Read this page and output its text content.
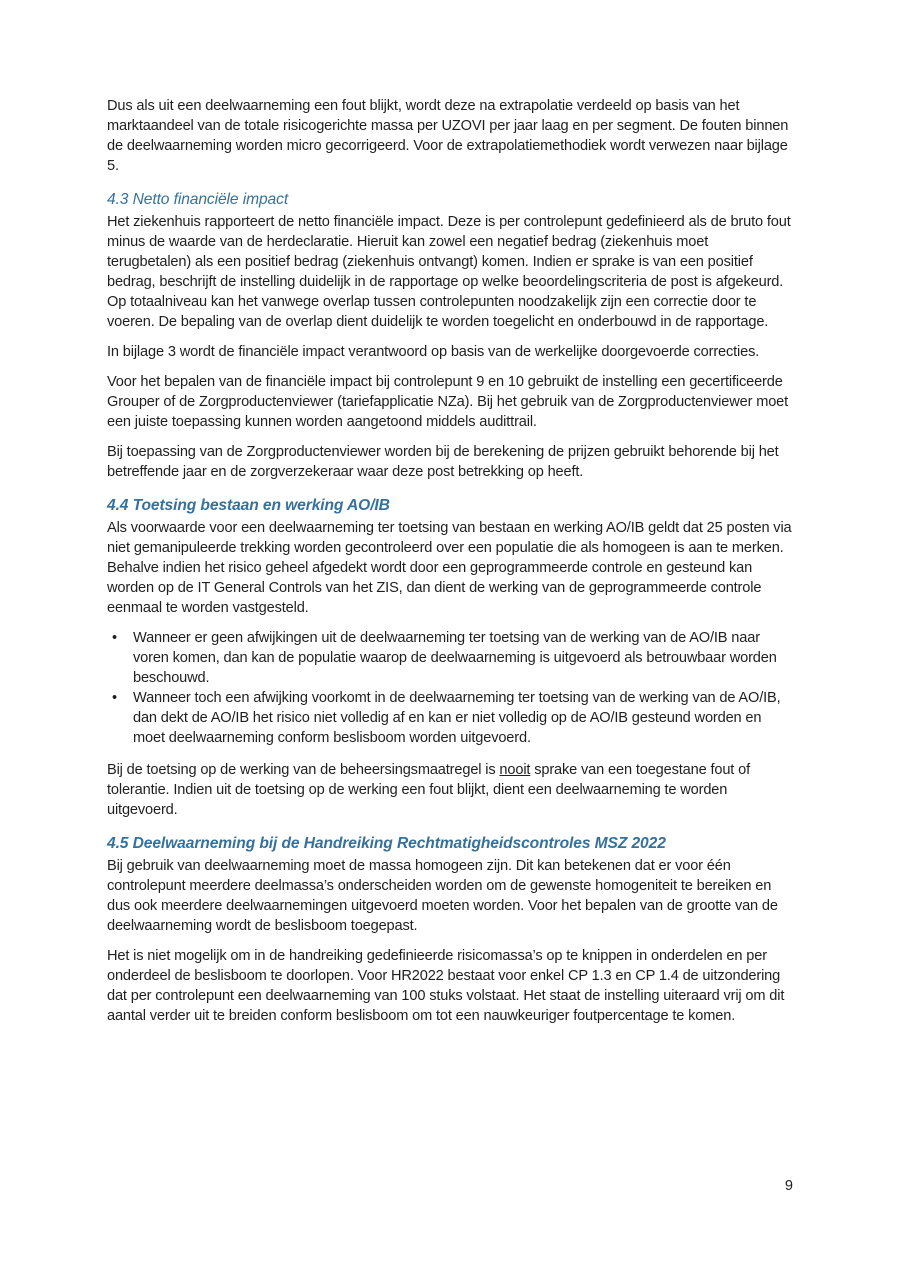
Dus als uit een deelwaarneming een fout blijkt, wordt deze na extrapolatie verdeeld op basis van het marktaandeel van de totale risicogerichte massa per UZOVI per jaar laag en per segment. De fouten binnen de deelwaarneming worden micro gecorrigeerd. Voor de extrapolatiemethodiek wordt verwezen naar bijlage 5.

4.3 Netto financiële impact

Het ziekenhuis rapporteert de netto financiële impact. Deze is per controlepunt gedefinieerd als de bruto fout minus de waarde van de herdeclaratie. Hieruit kan zowel een negatief bedrag (ziekenhuis moet terugbetalen) als een positief bedrag (ziekenhuis ontvangt) komen. Indien er sprake is van een positief bedrag, beschrijft de instelling duidelijk in de rapportage op welke beoordelingscriteria de post is afgekeurd. Op totaalniveau kan het vanwege overlap tussen controlepunten noodzakelijk zijn een correctie door te voeren. De bepaling van de overlap dient duidelijk te worden toegelicht en onderbouwd in de rapportage.

In bijlage 3 wordt de financiële impact verantwoord op basis van de werkelijke doorgevoerde correcties.

Voor het bepalen van de financiële impact bij controlepunt 9 en 10 gebruikt de instelling een gecertificeerde Grouper of de Zorgproductenviewer (tariefapplicatie NZa). Bij het gebruik van de Zorgproductenviewer moet een juiste toepassing kunnen worden aangetoond middels audittrail.

Bij toepassing van de Zorgproductenviewer worden bij de berekening de prijzen gebruikt behorende bij het betreffende jaar en de zorgverzekeraar waar deze post betrekking op heeft.

4.4 Toetsing bestaan en werking AO/IB

Als voorwaarde voor een deelwaarneming ter toetsing van bestaan en werking AO/IB geldt dat 25 posten via niet gemanipuleerde trekking worden gecontroleerd over een populatie die als homogeen is aan te merken. Behalve indien het risico geheel afgedekt wordt door een geprogrammeerde controle en gesteund kan worden op de IT General Controls van het ZIS, dan dient de werking van de geprogrammeerde controle eenmaal te worden vastgesteld.

• Wanneer er geen afwijkingen uit de deelwaarneming ter toetsing van de werking van de AO/IB naar voren komen, dan kan de populatie waarop de deelwaarneming is uitgevoerd als betrouwbaar worden beschouwd.
• Wanneer toch een afwijking voorkomt in de deelwaarneming ter toetsing van de werking van de AO/IB, dan dekt de AO/IB het risico niet volledig af en kan er niet volledig op de AO/IB gesteund worden en moet deelwaarneming conform beslisboom worden uitgevoerd.

Bij de toetsing op de werking van de beheersingsmaatregel is nooit sprake van een toegestane fout of tolerantie. Indien uit de toetsing op de werking een fout blijkt, dient een deelwaarneming te worden uitgevoerd.

4.5 Deelwaarneming bij de Handreiking Rechtmatigheidscontroles MSZ 2022

Bij gebruik van deelwaarneming moet de massa homogeen zijn. Dit kan betekenen dat er voor één controlepunt meerdere deelmassa’s onderscheiden worden om de gewenste homogeniteit te bereiken en dus ook meerdere deelwaarnemingen uitgevoerd moeten worden. Voor het bepalen van de grootte van de deelwaarneming wordt de beslisboom toegepast.

Het is niet mogelijk om in de handreiking gedefinieerde risicomassa’s op te knippen in onderdelen en per onderdeel de beslisboom te doorlopen. Voor HR2022 bestaat voor enkel CP 1.3 en CP 1.4 de uitzondering dat per controlepunt een deelwaarneming van 100 stuks volstaat. Het staat de instelling uiteraard vrij om dit aantal verder uit te breiden conform beslisboom om tot een nauwkeuriger foutpercentage te komen.

9
